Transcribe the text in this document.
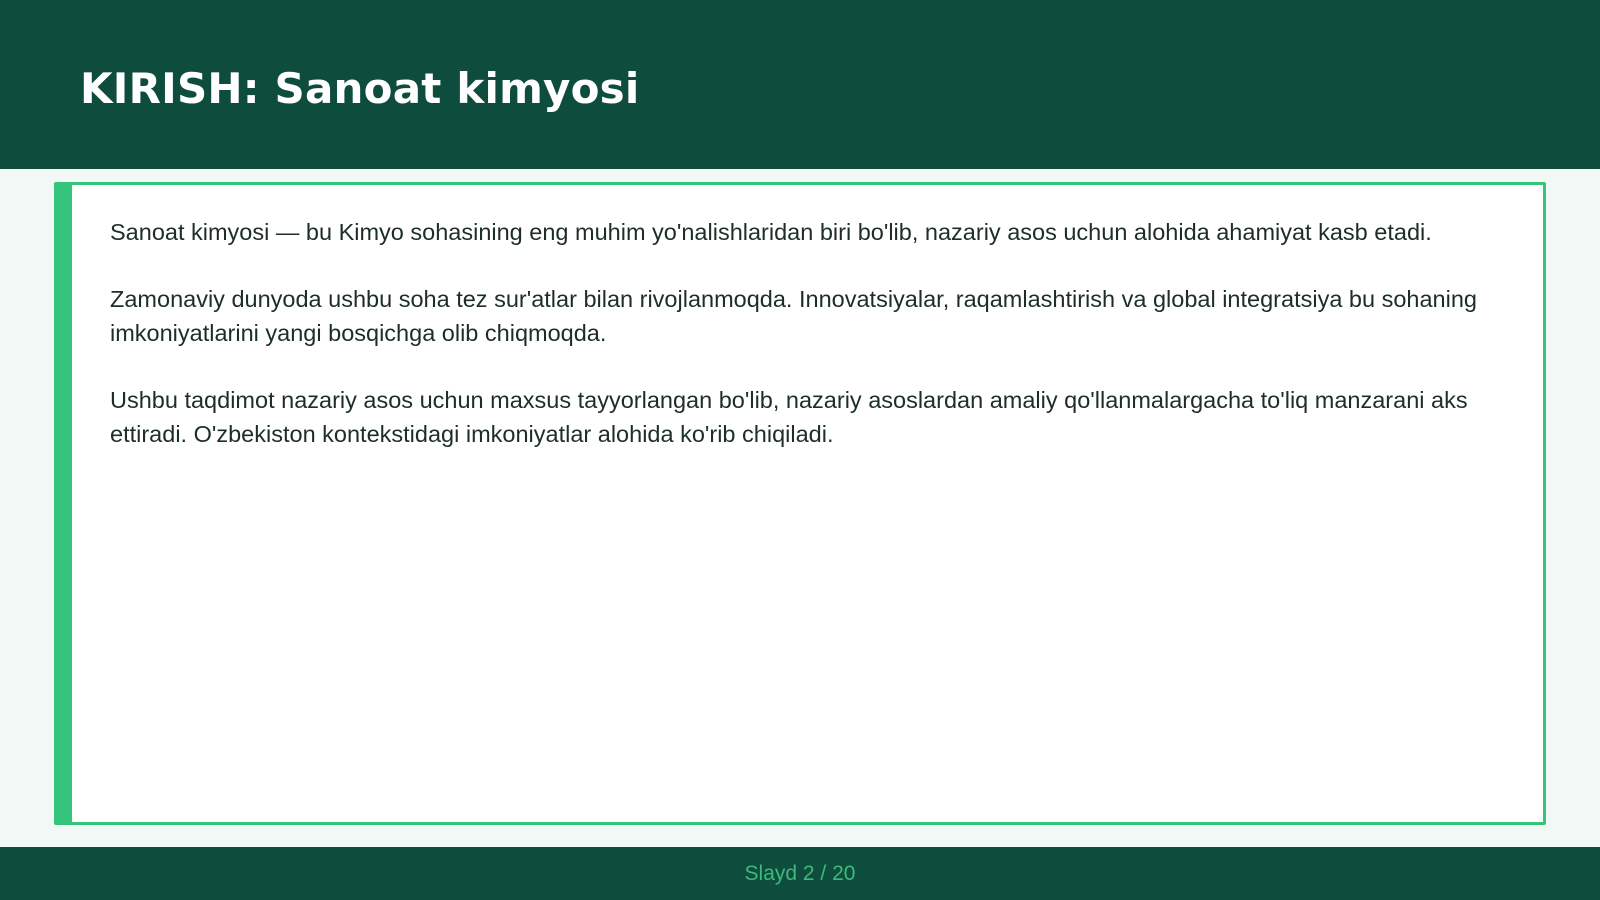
KIRISH: Sanoat kimyosi

Sanoat kimyosi — bu Kimyo sohasining eng muhim yo'nalishlaridan biri bo'lib, nazariy asos uchun alohida ahamiyat kasb etadi.

Zamonaviy dunyoda ushbu soha tez sur'atlar bilan rivojlanmoqda. Innovatsiyalar, raqamlashtirish va global integratsiya bu sohaning imkoniyatlarini yangi bosqichga olib chiqmoqda.

Ushbu taqdimot nazariy asos uchun maxsus tayyorlangan bo'lib, nazariy asoslardan amaliy qo'llanmalargacha to'liq manzarani aks ettiradi. O'zbekiston kontekstidagi imkoniyatlar alohida ko'rib chiqiladi.

Slayd 2 / 20
